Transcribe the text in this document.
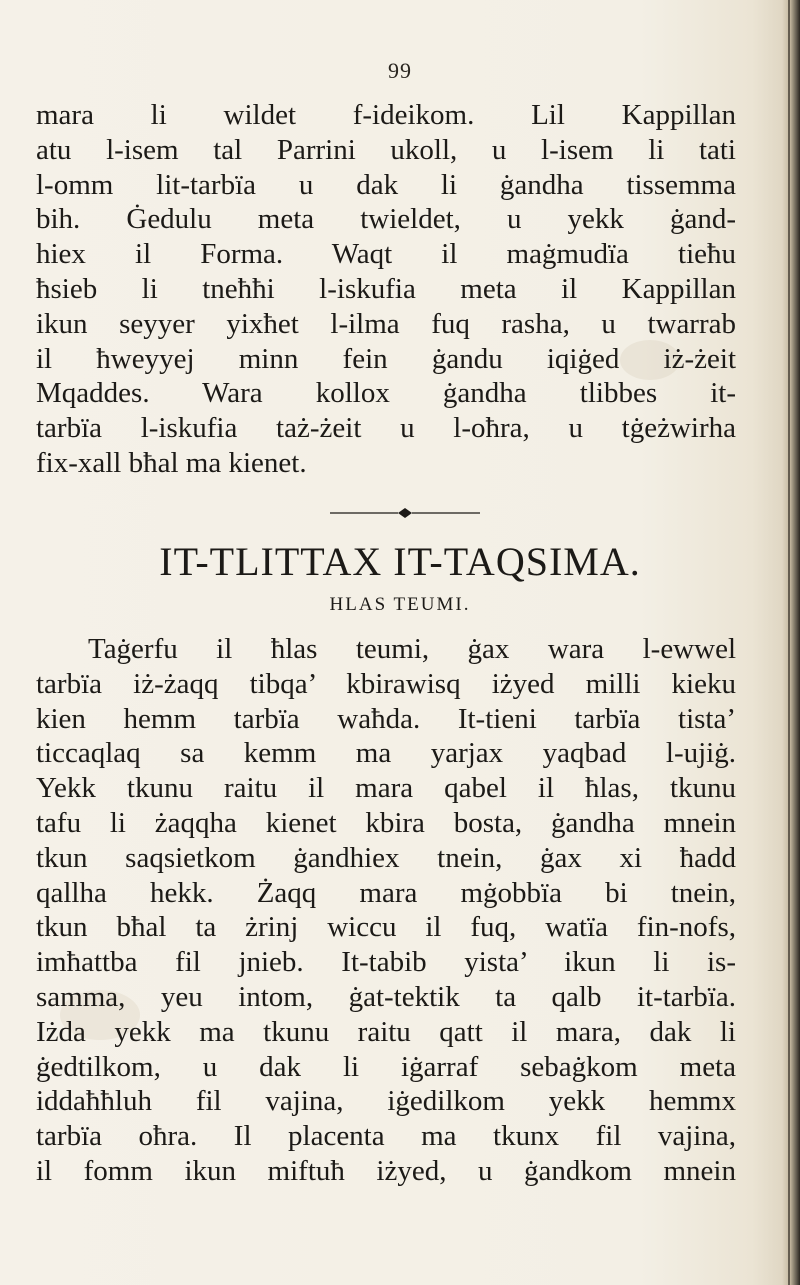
99
mara li wildet f-ideikom. Lil Kappillan
atu l-isem tal Parrini ukoll, u l-isem li tati
l-omm lit-tarbïa u dak li ġandha tissemma
bih. Ġedulu meta twieldet, u yekk ġand-
hiex il Forma. Waqt il maġmudïa tieħu
ħsieb li tneħħi l-iskufia meta il Kappillan
ikun seyyer yixħet l-ilma fuq rasha, u twarrab
il ħweyyej minn fein ġandu iqiġed iż-żeit
Mqaddes. Wara kollox ġandha tlibbes it-
tarbïa l-iskufia taż-żeit u l-oħra, u tġeżwirha
fix-xall bħal ma kienet.
IT-TLITTAX IT-TAQSIMA.
HLAS TEUMI.
Taġerfu il ħlas teumi, ġax wara l-ewwel
tarbïa iż-żaqq tibqa’ kbirawisq iżyed milli kieku
kien hemm tarbïa waħda. It-tieni tarbïa tista’
ticcaqlaq sa kemm ma yarjax yaqbad l-ujiġ.
Yekk tkunu raitu il mara qabel il ħlas, tkunu
tafu li żaqqha kienet kbira bosta, ġandha mnein
tkun saqsietkom ġandhiex tnein, ġax xi ħadd
qallha hekk. Żaqq mara mġobbïa bi tnein,
tkun bħal ta żrinj wiccu il fuq, watïa fin-nofs,
imħattba fil jnieb. It-tabib yista’ ikun li is-
samma, yeu intom, ġat-tektik ta qalb it-tarbïa.
Iżda yekk ma tkunu raitu qatt il mara, dak li
ġedtilkom, u dak li iġarraf sebaġkom meta
iddaħħluh fil vajina, iġedilkom yekk hemmx
tarbïa oħra. Il placenta ma tkunx fil vajina,
il fomm ikun miftuħ iżyed, u ġandkom mnein
